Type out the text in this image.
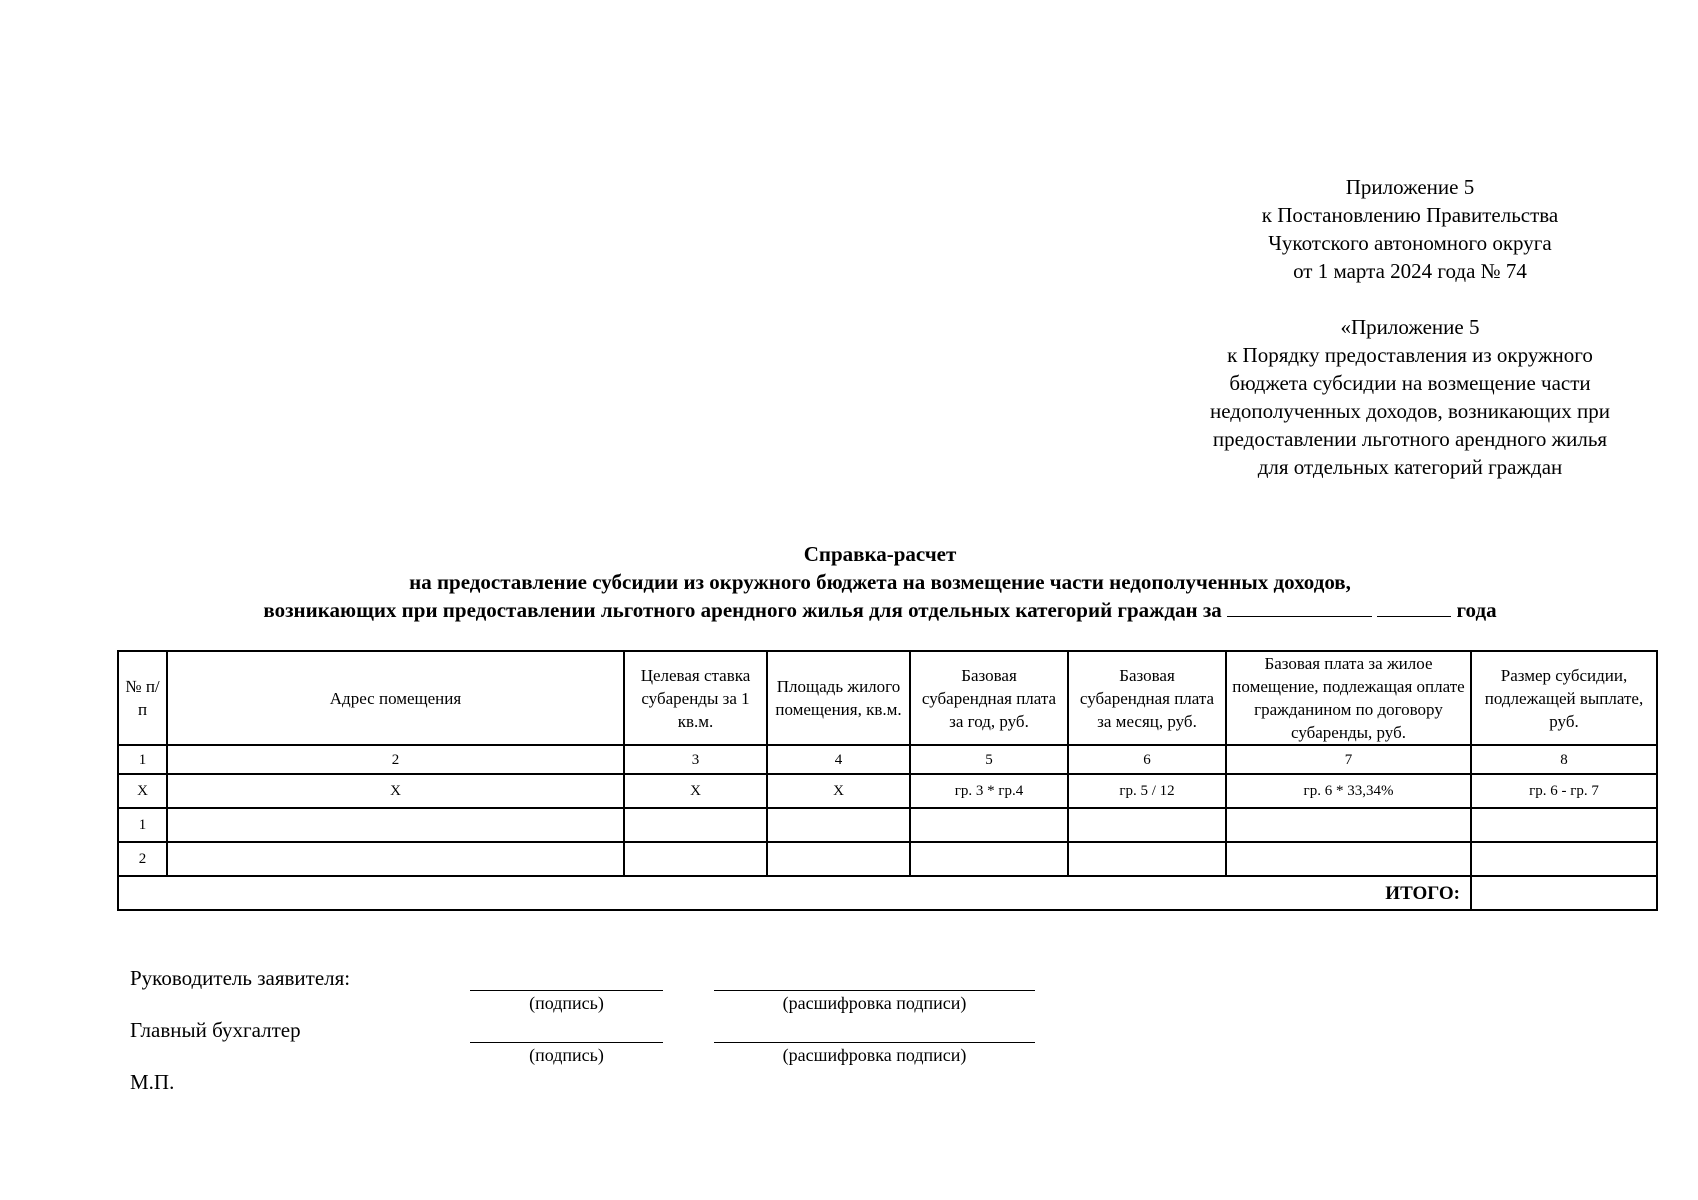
Приложение 5
к Постановлению Правительства
Чукотского автономного округа
от 1 марта 2024 года № 74
«Приложение 5
к Порядку предоставления из окружного
бюджета субсидии на возмещение части
недополученных доходов, возникающих при
предоставлении льготного арендного жилья
для отдельных категорий граждан
Справка-расчет
на предоставление субсидии из окружного бюджета на возмещение части недополученных доходов,
возникающих при предоставлении льготного арендного жилья для отдельных категорий граждан за	года
№ п/п	Адрес помещения	Целевая ставка субаренды за 1 кв.м.	Площадь жилого помещения, кв.м.	Базовая субарендная плата за год, руб.	Базовая субарендная плата за месяц, руб.	Базовая плата за жилое помещение, подлежащая оплате гражданином по договору субаренды, руб.	Размер субсидии, подлежащей выплате, руб.
1	2	3	4	5	6	7	8
Х	Х	Х	Х	гр. 3 * гр.4	гр. 5 / 12	гр. 6 * 33,34%	гр. 6 - гр. 7
1							
2							
ИТОГО:							
Руководитель заявителя:
(подпись)	(расшифровка подписи)
Главный бухгалтер
(подпись)	(расшифровка подписи)
М.П.
